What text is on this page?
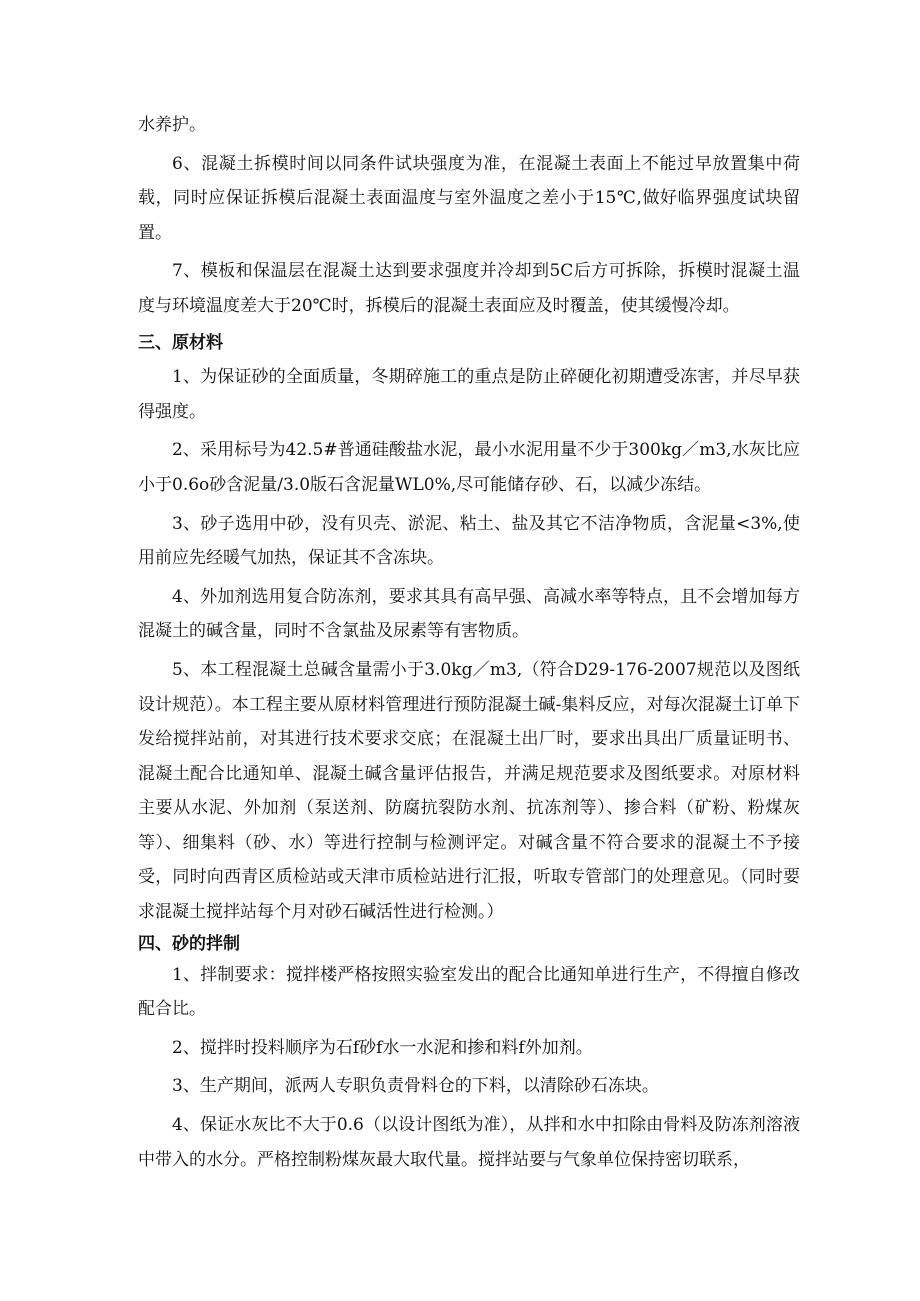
水养护。

6、混凝土拆模时间以同条件试块强度为准，在混凝土表面上不能过早放置集中荷载，同时应保证拆模后混凝土表面温度与室外温度之差小于15℃,做好临界强度试块留置。

7、模板和保温层在混凝土达到要求强度并冷却到5C后方可拆除，拆模时混凝土温度与环境温度差大于20℃时，拆模后的混凝土表面应及时覆盖，使其缓慢冷却。

三、原材料

1、为保证砂的全面质量，冬期碎施工的重点是防止碎硬化初期遭受冻害，并尽早获得强度。

2、采用标号为42.5#普通硅酸盐水泥，最小水泥用量不少于300kg／m3,水灰比应小于0.6o砂含泥量/3.0版石含泥量WL0%,尽可能储存砂、石，以减少冻结。

3、砂子选用中砂，没有贝壳、淤泥、粘土、盐及其它不洁净物质，含泥量<3%,使用前应先经暖气加热，保证其不含冻块。

4、外加剂选用复合防冻剂，要求其具有高早强、高减水率等特点，且不会增加每方混凝土的碱含量，同时不含氯盐及尿素等有害物质。

5、本工程混凝土总碱含量需小于3.0kg／m3,（符合D29-176-2007规范以及图纸设计规范）。本工程主要从原材料管理进行预防混凝土碱-集料反应，对每次混凝土订单下发给搅拌站前，对其进行技术要求交底；在混凝土出厂时，要求出具出厂质量证明书、混凝土配合比通知单、混凝土碱含量评估报告，并满足规范要求及图纸要求。对原材料主要从水泥、外加剂（泵送剂、防腐抗裂防水剂、抗冻剂等）、掺合料（矿粉、粉煤灰等）、细集料（砂、水）等进行控制与检测评定。对碱含量不符合要求的混凝土不予接受，同时向西青区质检站或天津市质检站进行汇报，听取专管部门的处理意见。（同时要求混凝土搅拌站每个月对砂石碱活性进行检测。）

四、砂的拌制

1、拌制要求：搅拌楼严格按照实验室发出的配合比通知单进行生产，不得擅自修改配合比。

2、搅拌时投料顺序为石f砂f水一水泥和掺和料f外加剂。

3、生产期间，派两人专职负责骨料仓的下料，以清除砂石冻块。

4、保证水灰比不大于0.6（以设计图纸为准），从拌和水中扣除由骨料及防冻剂溶液中带入的水分。严格控制粉煤灰最大取代量。搅拌站要与气象单位保持密切联系，
